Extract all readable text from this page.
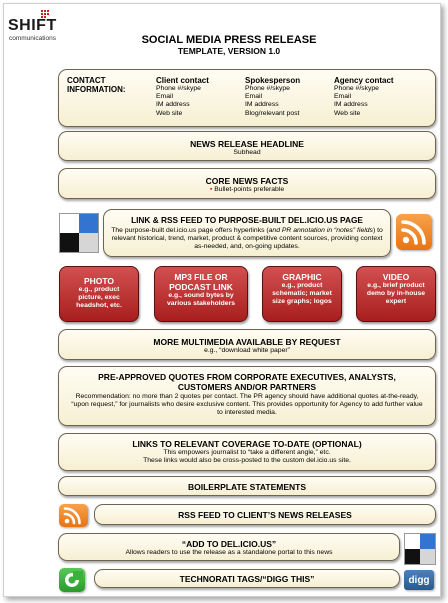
SHIFT
communications	SOCIAL MEDIA PRESS RELEASE
TEMPLATE, VERSION 1.0
CONTACT
INFORMATION:
Client contact
Phone #/skype
Email
IM address
Web site
Spokesperson
Phone #/skype
Email
IM address
Blog/relevant post
Agency contact
Phone #/skype
Email
IM address
Web site
NEWS RELEASE HEADLINE
Subhead
CORE NEWS FACTS
▪ Bullet-points preferable
LINK & RSS FEED TO PURPOSE-BUILT DEL.ICIO.US PAGE
The purpose-built del.icio.us page offers hyperlinks (and PR annotation in “notes” fields) to relevant historical, trend, market, product & competitive content sources, providing context as-needed, and, on-going updates.
PHOTO
e.g., product picture, exec headshot, etc.
MP3 FILE OR PODCAST LINK
e.g., sound bytes by various stakeholders
GRAPHIC
e.g., product schematic; market size graphs; logos
VIDEO
e.g., brief product demo by in-house expert
MORE MULTIMEDIA AVAILABLE BY REQUEST
e.g., “download white paper”
PRE-APPROVED QUOTES FROM CORPORATE EXECUTIVES, ANALYSTS,
CUSTOMERS AND/OR PARTNERS
Recommendation: no more than 2 quotes per contact. The PR agency should have additional quotes at-the-ready, “upon request,” for journalists who desire exclusive content. This provides opportunity for Agency to add further value to interested media.
LINKS TO RELEVANT COVERAGE TO-DATE (OPTIONAL)
This empowers journalist to “take a different angle,” etc.
These links would also be cross-posted to the custom del.icio.us site.
BOILERPLATE STATEMENTS
RSS FEED TO CLIENT’S NEWS RELEASES
“ADD TO DEL.ICIO.US”
Allows readers to use the release as a standalone portal to this news
TECHNORATI TAGS/“DIGG THIS”	digg
